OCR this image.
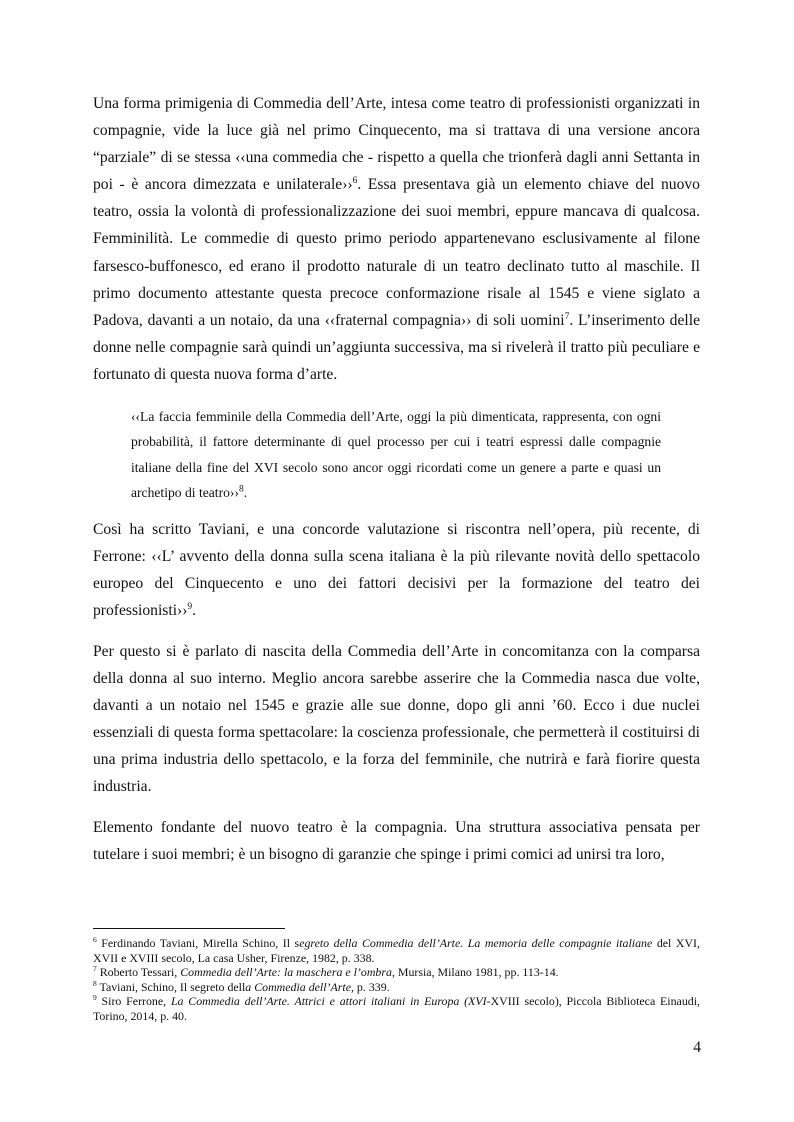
Una forma primigenia di Commedia dell’Arte, intesa come teatro di professionisti organizzati in compagnie, vide la luce già nel primo Cinquecento, ma si trattava di una versione ancora “parziale” di se stessa ‹‹una commedia che - rispetto a quella che trionferà dagli anni Settanta in poi - è ancora dimezzata e unilaterale››$^6$. Essa presentava già un elemento chiave del nuovo teatro, ossia la volontà di professionalizzazione dei suoi membri, eppure mancava di qualcosa. Femminilità. Le commedie di questo primo periodo appartenevano esclusivamente al filone farsesco-buffonesco, ed erano il prodotto naturale di un teatro declinato tutto al maschile. Il primo documento attestante questa precoce conformazione risale al 1545 e viene siglato a Padova, davanti a un notaio, da una ‹‹fraternal compagnia›› di soli uomini$^7$. L’inserimento delle donne nelle compagnie sarà quindi un’aggiunta successiva, ma si rivelerà il tratto più peculiare e fortunato di questa nuova forma d’arte.

‹‹La faccia femminile della Commedia dell’Arte, oggi la più dimenticata, rappresenta, con ogni probabilità, il fattore determinante di quel processo per cui i teatri espressi dalle compagnie italiane della fine del XVI secolo sono ancor oggi ricordati come un genere a parte e quasi un archetipo di teatro››$^8$.

Così ha scritto Taviani, e una concorde valutazione si riscontra nell’opera, più recente, di Ferrone: ‹‹L’ avvento della donna sulla scena italiana è la più rilevante novità dello spettacolo europeo del Cinquecento e uno dei fattori decisivi per la formazione del teatro dei professionisti››$^9$.

Per questo si è parlato di nascita della Commedia dell’Arte in concomitanza con la comparsa della donna al suo interno. Meglio ancora sarebbe asserire che la Commedia nasca due volte, davanti a un notaio nel 1545 e grazie alle sue donne, dopo gli anni ’60. Ecco i due nuclei essenziali di questa forma spettacolare: la coscienza professionale, che permetterà il costituirsi di una prima industria dello spettacolo, e la forza del femminile, che nutrirà e farà fiorire questa industria.

Elemento fondante del nuovo teatro è la compagnia. Una struttura associativa pensata per tutelare i suoi membri; è un bisogno di garanzie che spinge i primi comici ad unirsi tra loro,

$^6$ Ferdinando Taviani, Mirella Schino, Il segreto della Commedia dell’Arte. La memoria delle compagnie italiane del XVI, XVII e XVIII secolo, La casa Usher, Firenze, 1982, p. 338.

$^7$ Roberto Tessari, Commedia dell’Arte: la maschera e l’ombra, Mursia, Milano 1981, pp. 113-14.

$^8$ Taviani, Schino, Il segreto della Commedia dell’Arte, p. 339.

$^9$ Siro Ferrone, La Commedia dell’Arte. Attrici e attori italiani in Europa (XVI-XVIII secolo), Piccola Biblioteca Einaudi, Torino, 2014, p. 40.

4
